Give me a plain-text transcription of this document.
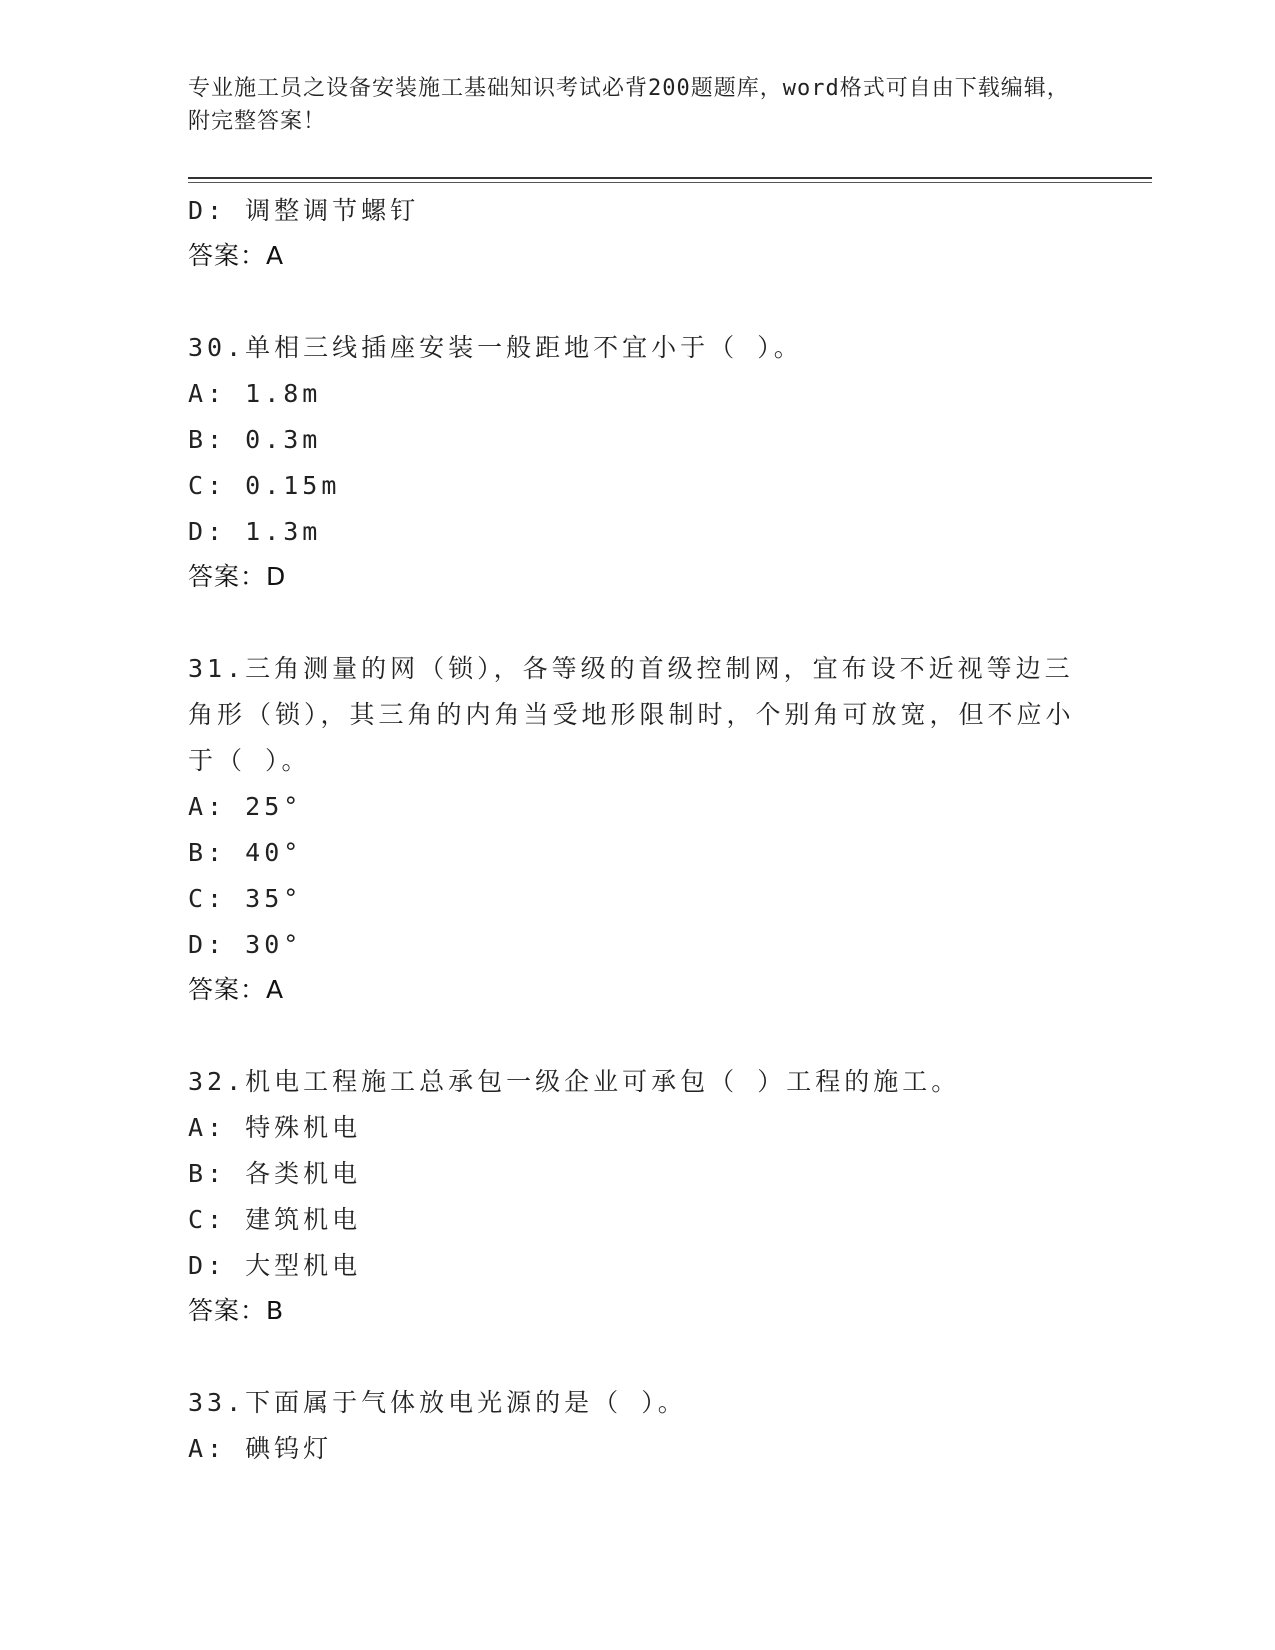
专业施工员之设备安装施工基础知识考试必背200题题库，word格式可自由下载编辑，附完整答案！
D: 调整调节螺钉
答案：A
30.单相三线插座安装一般距地不宜小于（ ）。
A: 1.8m
B: 0.3m
C: 0.15m
D: 1.3m
答案：D
31.三角测量的网（锁），各等级的首级控制网，宜布设不近视等边三角形（锁），其三角的内角当受地形限制时，个别角可放宽，但不应小于（ ）。
A: 25°
B: 40°
C: 35°
D: 30°
答案：A
32.机电工程施工总承包一级企业可承包（ ）工程的施工。
A: 特殊机电
B: 各类机电
C: 建筑机电
D: 大型机电
答案：B
33.下面属于气体放电光源的是（ ）。
A: 碘钨灯
